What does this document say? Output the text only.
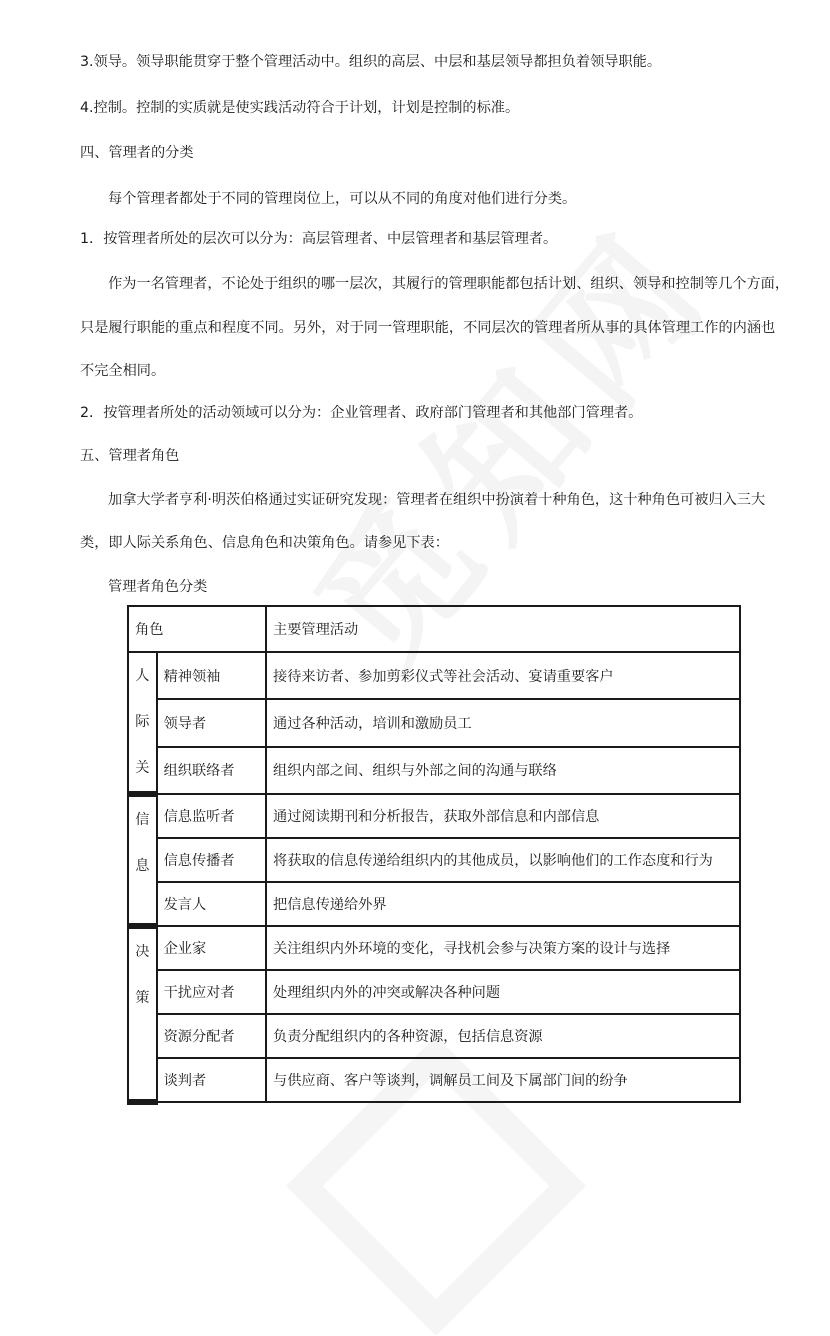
3.领导。领导职能贯穿于整个管理活动中。组织的高层、中层和基层领导都担负着领导职能。
4.控制。控制的实质就是使实践活动符合于计划，计划是控制的标准。
四、管理者的分类
每个管理者都处于不同的管理岗位上，可以从不同的角度对他们进行分类。
1．按管理者所处的层次可以分为：高层管理者、中层管理者和基层管理者。
作为一名管理者，不论处于组织的哪一层次，其履行的管理职能都包括计划、组织、领导和控制等几个方面，
只是履行职能的重点和程度不同。另外，对于同一管理职能，不同层次的管理者所从事的具体管理工作的内涵也
不完全相同。
2．按管理者所处的活动领域可以分为：企业管理者、政府部门管理者和其他部门管理者。
五、管理者角色
加拿大学者亨利·明茨伯格通过实证研究发现：管理者在组织中扮演着十种角色，这十种角色可被归入三大
类，即人际关系角色、信息角色和决策角色。请参见下表：
管理者角色分类
角色		主要管理活动

人
际
关	精神领袖	接待来访者、参加剪彩仪式等社会活动、宴请重要客户
	领导者	通过各种活动，培训和激励员工
	组织联络者	组织内部之间、组织与外部之间的沟通与联络

信
息	信息监听者	通过阅读期刊和分析报告，获取外部信息和内部信息
	信息传播者	将获取的信息传递给组织内的其他成员，以影响他们的工作态度和行为
	发言人	把信息传递给外界

决
策	企业家	关注组织内外环境的变化，寻找机会参与决策方案的设计与选择
	干扰应对者	处理组织内外的冲突或解决各种问题
	资源分配者	负责分配组织内的各种资源，包括信息资源
	谈判者	与供应商、客户等谈判，调解员工间及下属部门间的纷争
